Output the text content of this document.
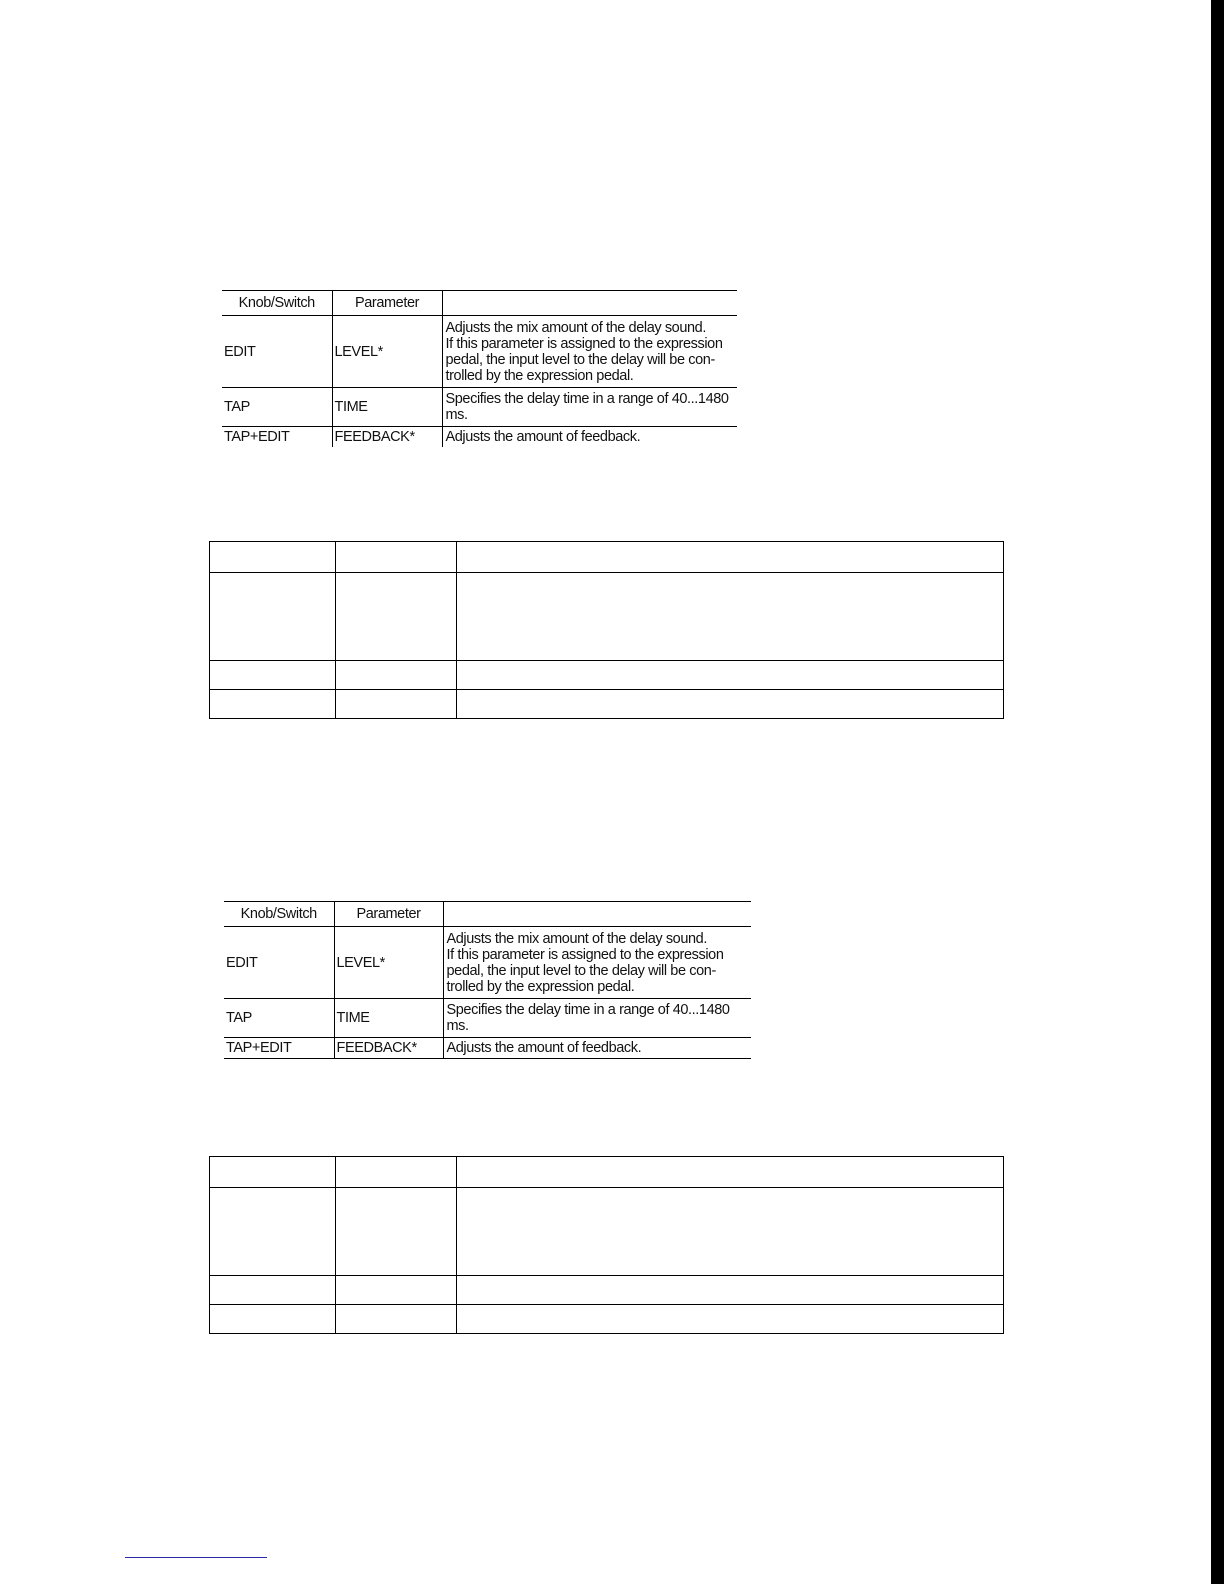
Knob/Switch	Parameter	
EDIT	LEVEL*	Adjusts the mix amount of the delay sound.
If this parameter is assigned to the expression
pedal, the input level to the delay will be con-
trolled by the expression pedal.

TAP	TIME	Specifies the delay time in a range of 40...1480
ms.

TAP+EDIT	FEEDBACK*	Adjusts the amount of feedback.

Knob/Switch	Parameter	
EDIT	LEVEL*	Adjusts the mix amount of the delay sound.
If this parameter is assigned to the expression
pedal, the input level to the delay will be con-
trolled by the expression pedal.

TAP	TIME	Specifies the delay time in a range of 40...1480
ms.

TAP+EDIT	FEEDBACK*	Adjusts the amount of feedback.
